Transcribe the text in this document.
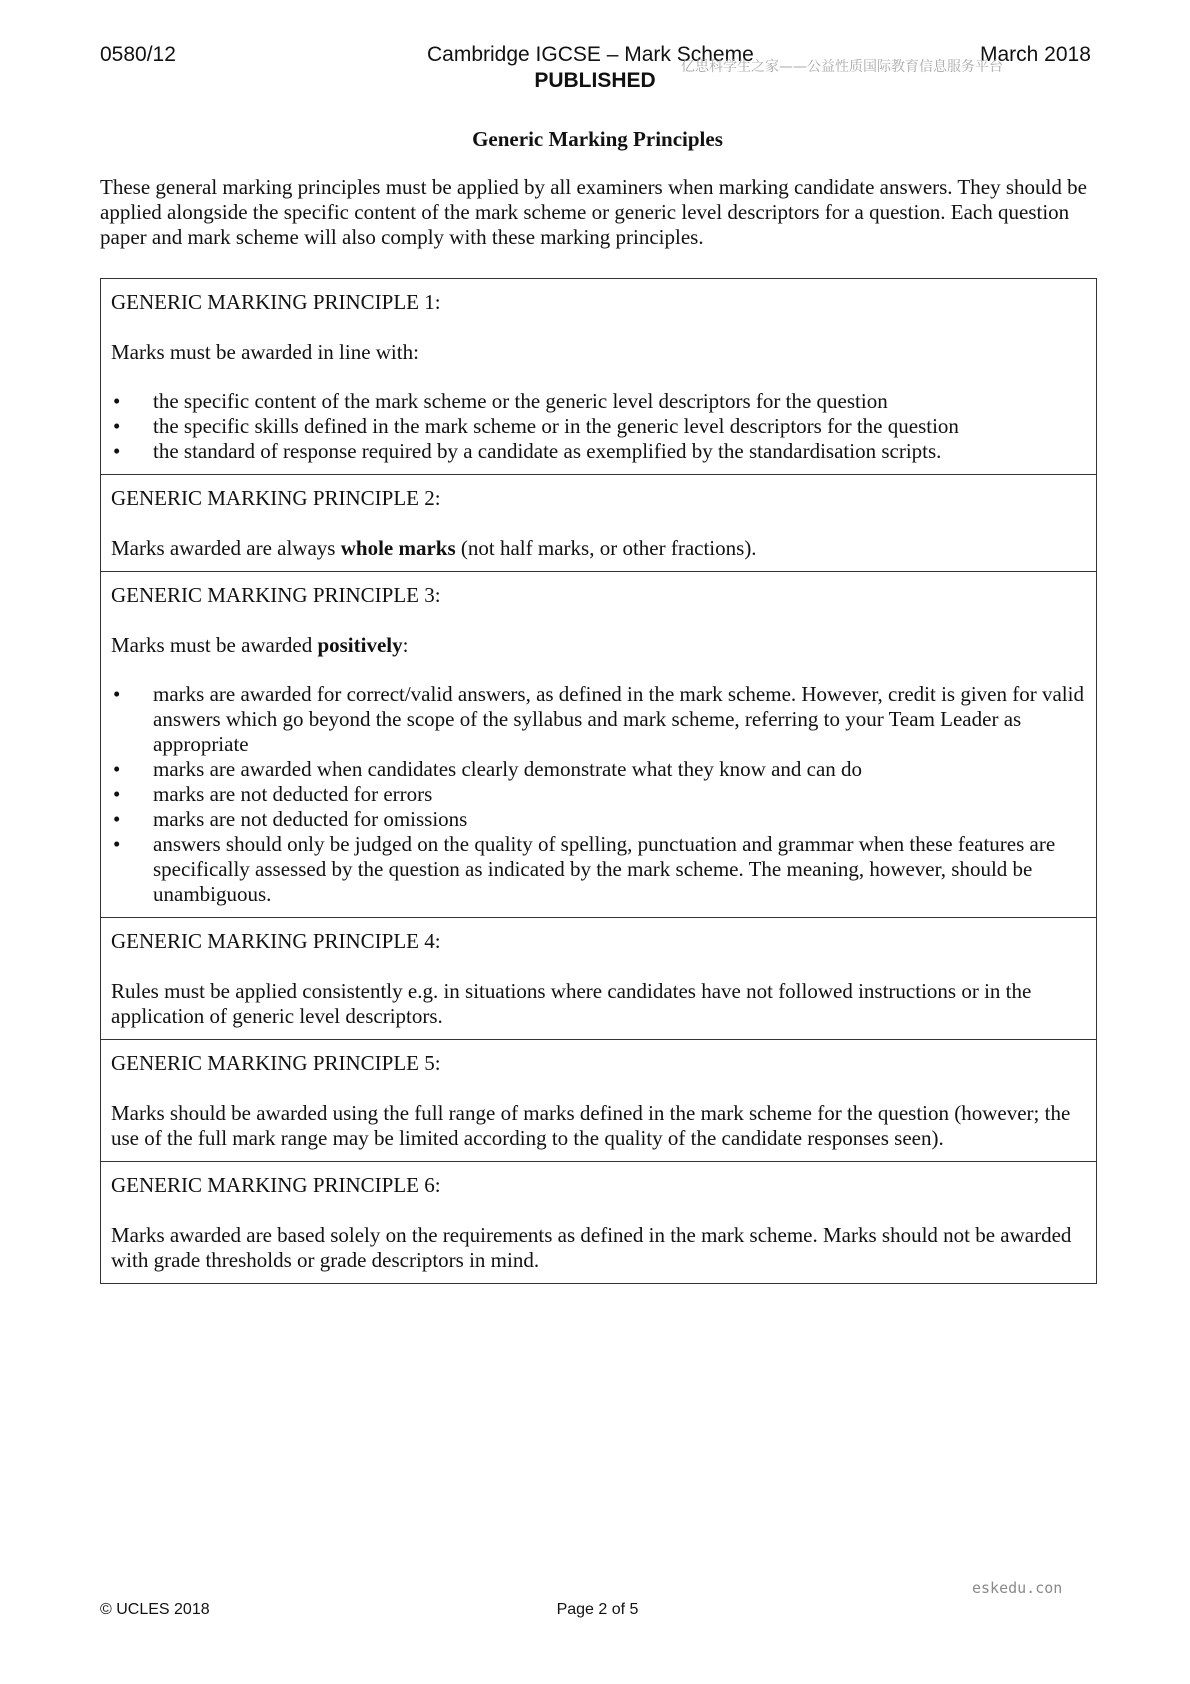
0580/12	Cambridge IGCSE – Mark Scheme	March 2018
PUBLISHED
亿思科学生之家——公益性质国际教育信息服务平台
Generic Marking Principles

These general marking principles must be applied by all examiners when marking candidate answers. They should be applied alongside the specific content of the mark scheme or generic level descriptors for a question. Each question paper and mark scheme will also comply with these marking principles.

GENERIC MARKING PRINCIPLE 1:

Marks must be awarded in line with:

• the specific content of the mark scheme or the generic level descriptors for the question
• the specific skills defined in the mark scheme or in the generic level descriptors for the question
• the standard of response required by a candidate as exemplified by the standardisation scripts.

GENERIC MARKING PRINCIPLE 2:

Marks awarded are always whole marks (not half marks, or other fractions).

GENERIC MARKING PRINCIPLE 3:

Marks must be awarded positively:

• marks are awarded for correct/valid answers, as defined in the mark scheme. However, credit is given for valid answers which go beyond the scope of the syllabus and mark scheme, referring to your Team Leader as appropriate
• marks are awarded when candidates clearly demonstrate what they know and can do
• marks are not deducted for errors
• marks are not deducted for omissions
• answers should only be judged on the quality of spelling, punctuation and grammar when these features are specifically assessed by the question as indicated by the mark scheme. The meaning, however, should be unambiguous.

GENERIC MARKING PRINCIPLE 4:

Rules must be applied consistently e.g. in situations where candidates have not followed instructions or in the application of generic level descriptors.

GENERIC MARKING PRINCIPLE 5:

Marks should be awarded using the full range of marks defined in the mark scheme for the question (however; the use of the full mark range may be limited according to the quality of the candidate responses seen).

GENERIC MARKING PRINCIPLE 6:

Marks awarded are based solely on the requirements as defined in the mark scheme. Marks should not be awarded with grade thresholds or grade descriptors in mind.

eskedu.con
© UCLES 2018	Page 2 of 5
